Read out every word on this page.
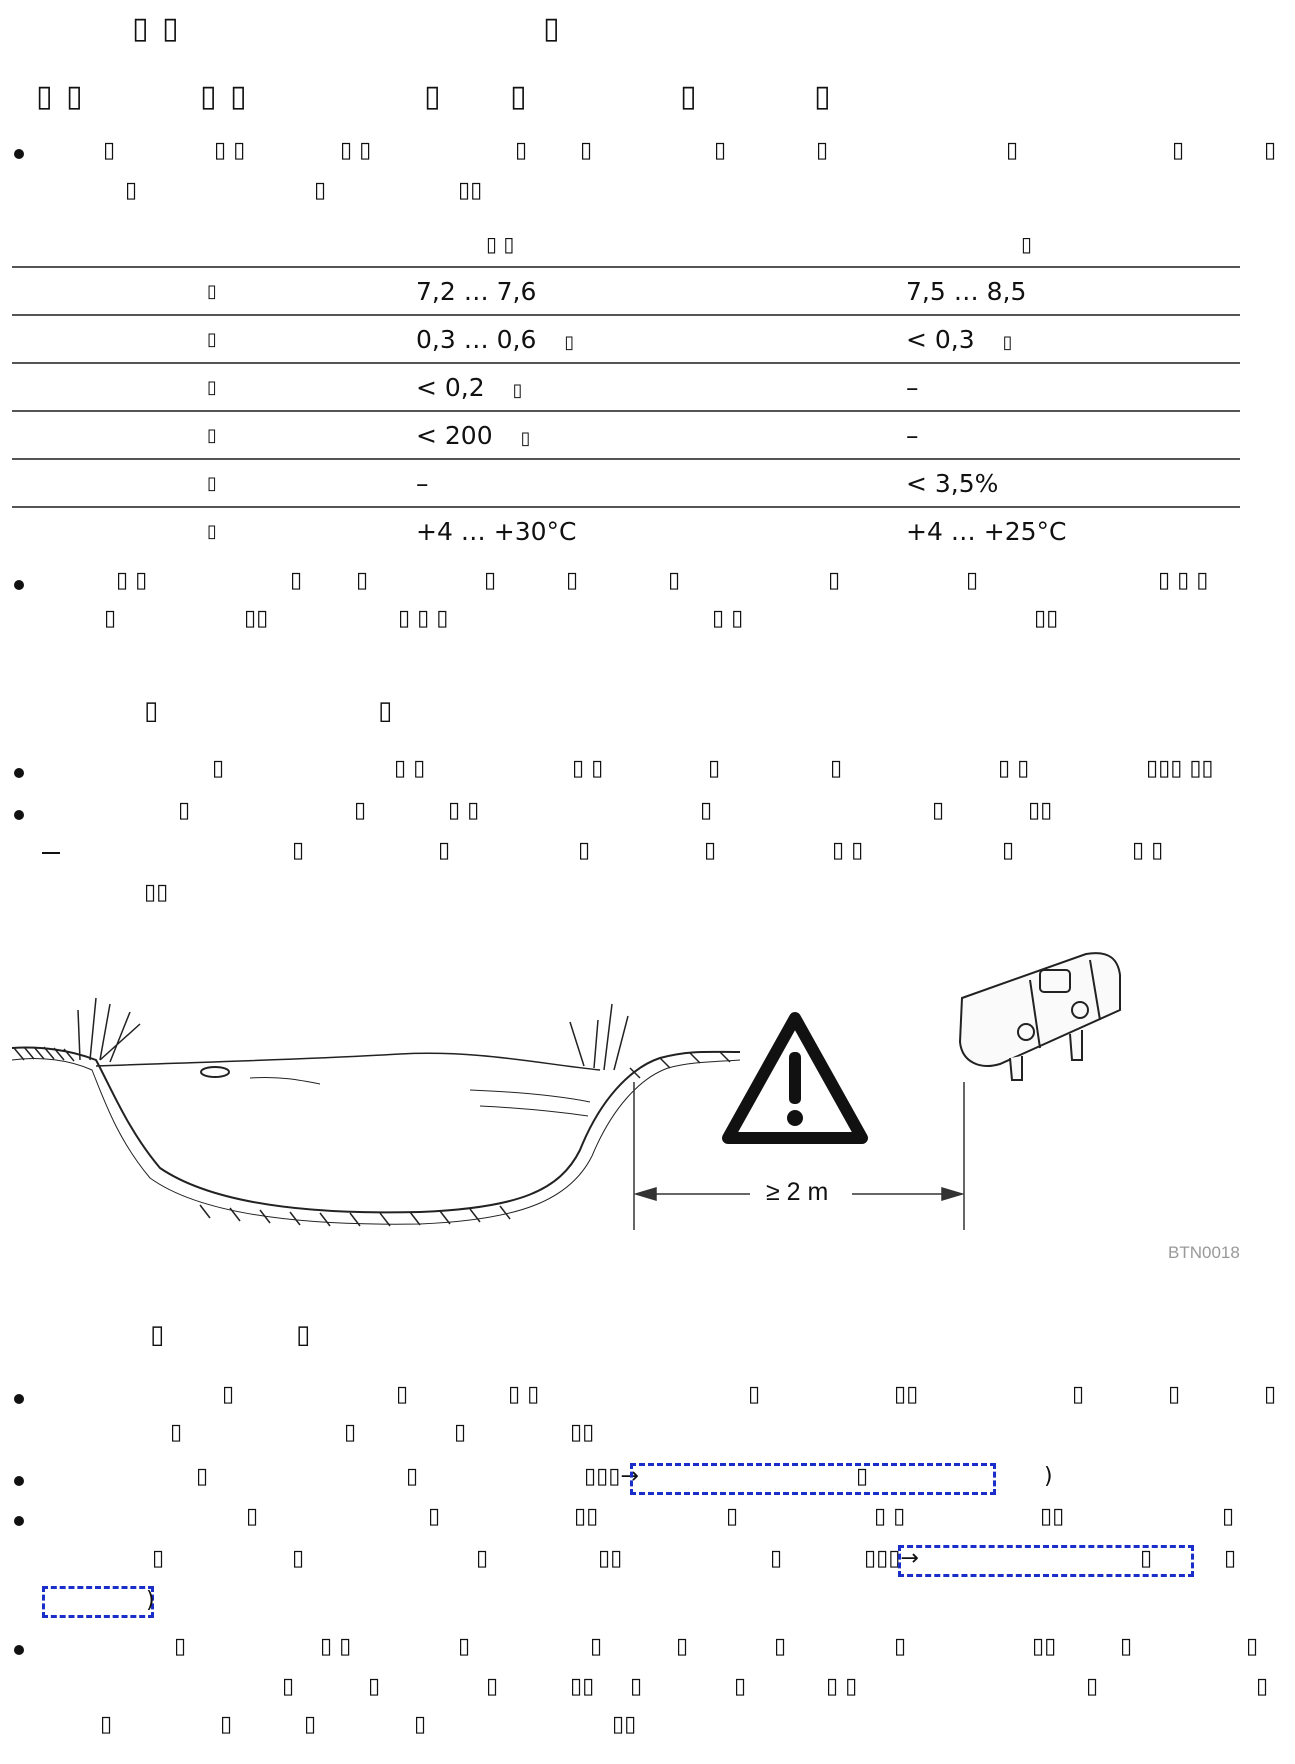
▯ ▯	▯
▯ ▯	▯ ▯	▯ ▯	▯	▯
▯	▯ ▯	▯ ▯	▯ ▯	▯	▯	▯	▯	▯
▯	▯	▯▯
	▯ ▯	▯
▯	7,2 … 7,6	7,5 … 8,5
▯	0,3 … 0,6 ▯	< 0,3 ▯
▯	< 0,2 ▯	–
▯	< 200 ▯	–
▯	–	< 3,5%
▯	+4 … +30°C	+4 … +25°C
▯ ▯	▯ ▯	▯	▯	▯	▯	▯	▯ ▯ ▯
▯	▯▯	▯ ▯ ▯	▯ ▯	▯▯
▯	▯
▯	▯ ▯	▯ ▯	▯	▯	▯ ▯	▯▯▯ ▯▯
▯	▯	▯ ▯	▯	▯	▯▯
▯	▯	▯	▯	▯ ▯	▯	▯ ▯
▯▯
≥ 2 m
BTN0018
▯	▯
▯	▯	▯ ▯	▯	▯▯	▯	▯	▯
▯	▯	▯	▯▯
▯	▯	▯▯▯→	▯	)
▯	▯	▯▯	▯	▯ ▯	▯▯	▯
▯	▯	▯	▯▯	▯	▯▯▯→	▯	▯
)
▯	▯ ▯	▯	▯	▯	▯	▯	▯▯	▯	▯
▯	▯	▯	▯▯ ▯	▯	▯ ▯	▯	▯
▯	▯	▯	▯	▯▯
